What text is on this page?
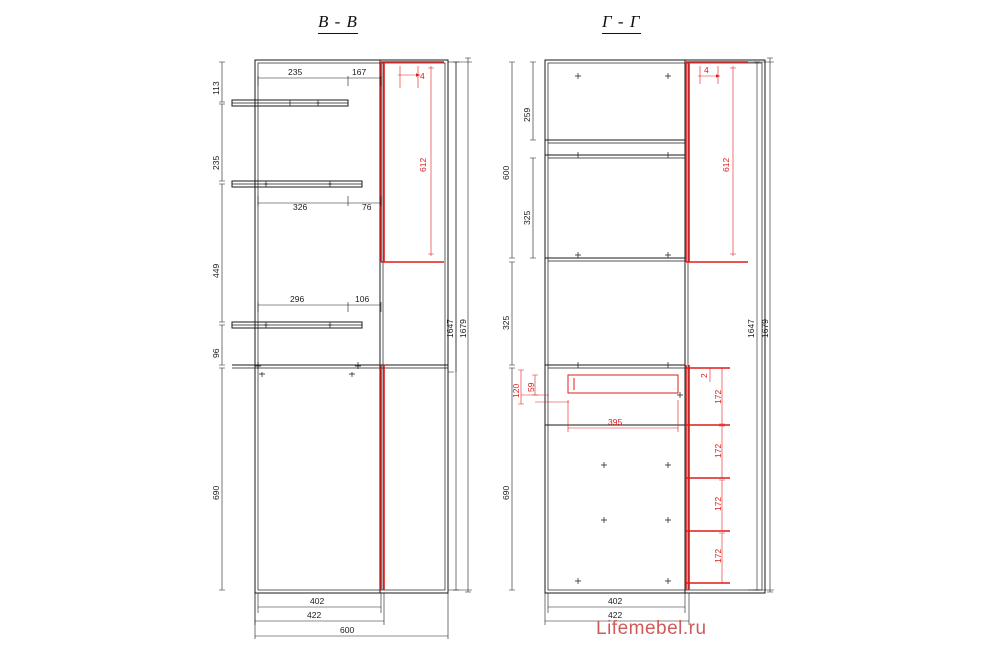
В - В	Г - Г
4
612
113
235
449
96
690
1647 1679
235	167
326	76
296	106
402
422
600
395
4
612
2
172
172
172
172
259
600
325
325
690
120 59
1647 1679
402
422
Lifemebel.ru
